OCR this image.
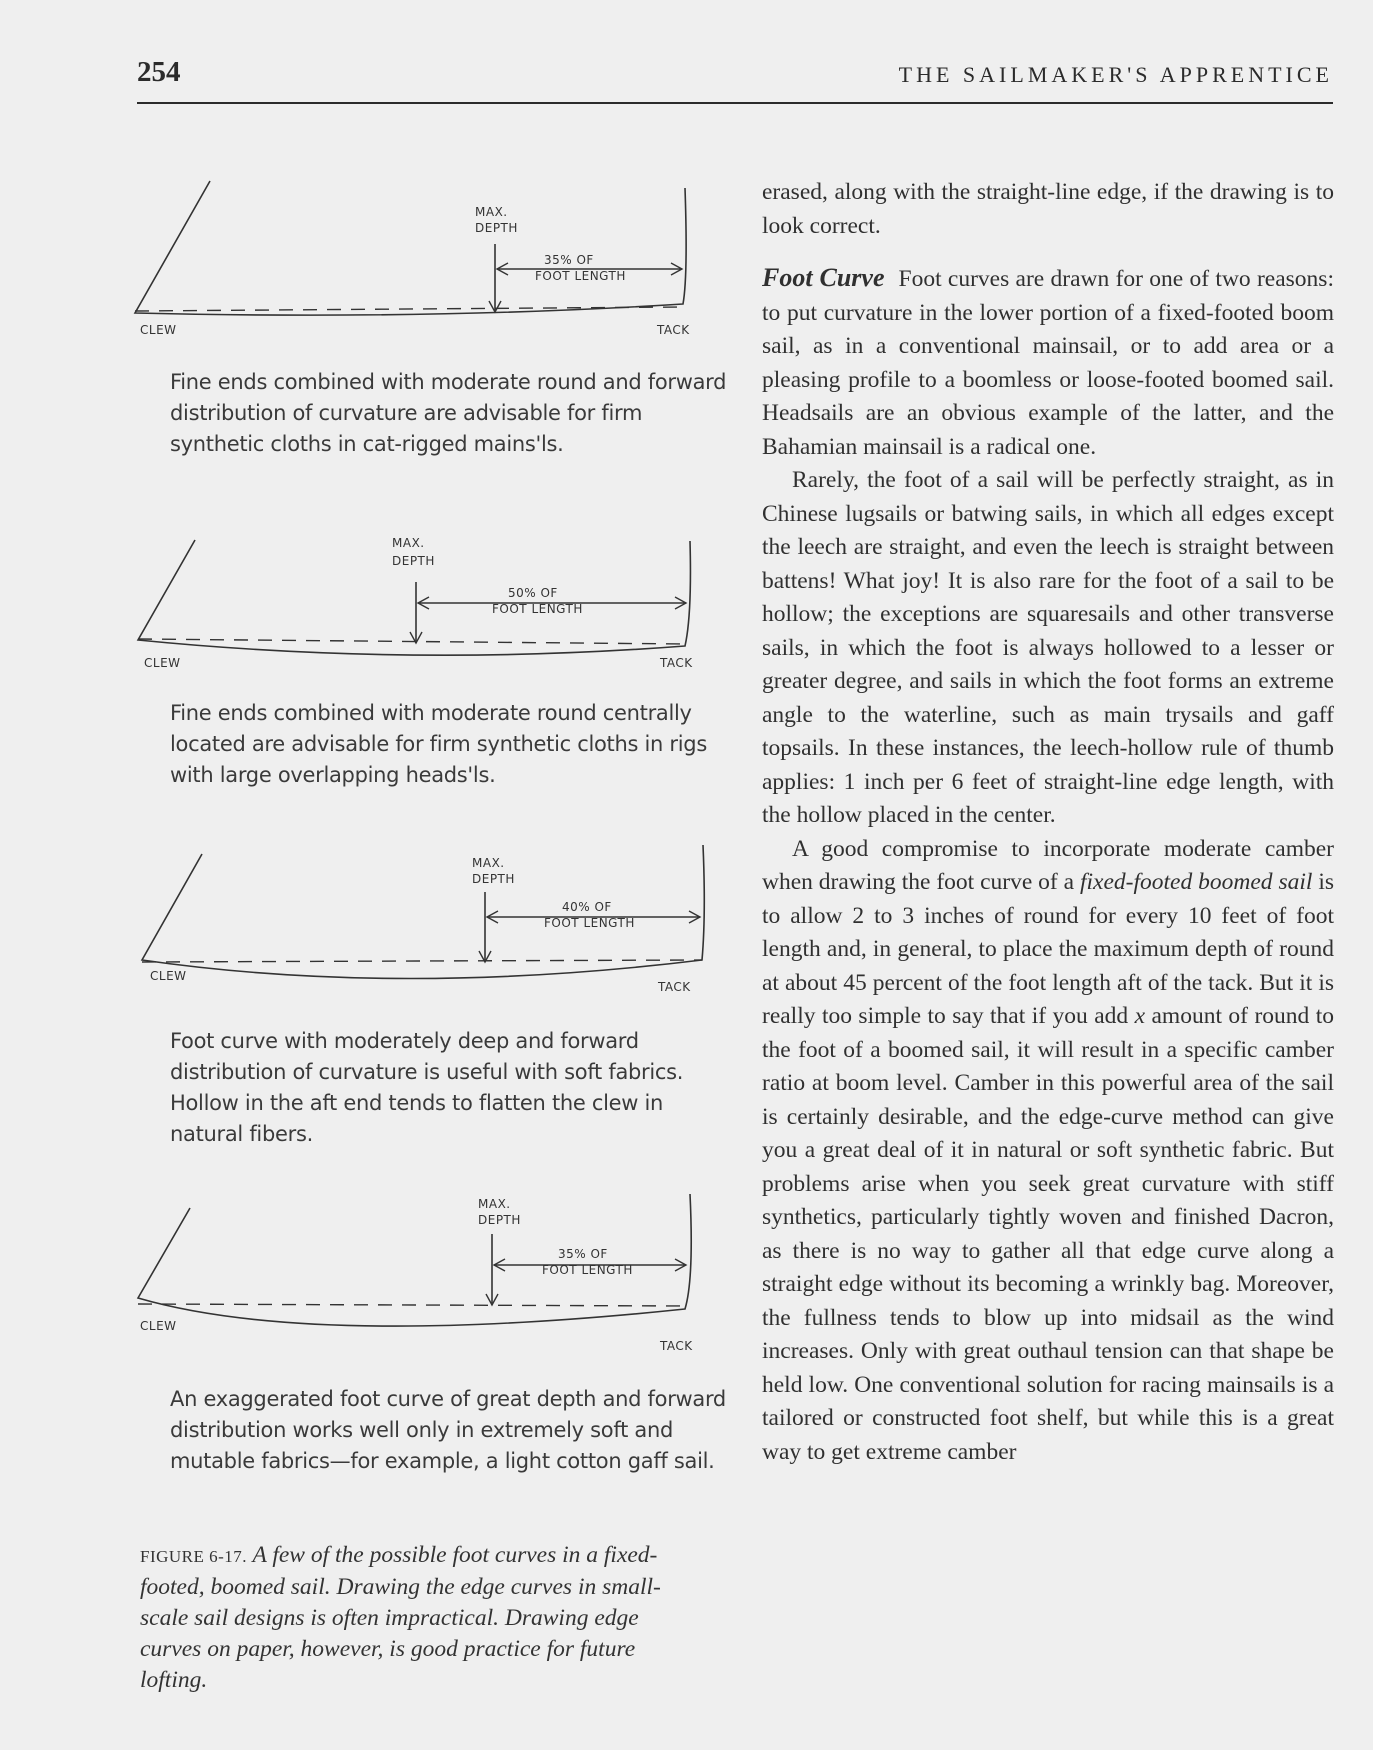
254	THE SAILMAKER'S APPRENTICE
MAX.
DEPTH
35% OF
FOOT LENGTH
CLEW	TACK
Fine ends combined with moderate round and forward distribution of curvature are advisable for firm synthetic cloths in cat-rigged mains'ls.
MAX.
DEPTH
50% OF
FOOT LENGTH
CLEW	TACK
Fine ends combined with moderate round centrally located are advisable for firm synthetic cloths in rigs with large overlapping heads'ls.
MAX.
DEPTH
40% OF
FOOT LENGTH
CLEW
TACK
Foot curve with moderately deep and forward distribution of curvature is useful with soft fabrics. Hollow in the aft end tends to flatten the clew in natural fibers.
MAX.
DEPTH
35% OF
FOOT LENGTH
CLEW
TACK
An exaggerated foot curve of great depth and forward distribution works well only in extremely soft and mutable fabrics—for example, a light cotton gaff sail.
FIGURE 6-17. A few of the possible foot curves in a fixed-footed, boomed sail. Drawing the edge curves in small-scale sail designs is often impractical. Drawing edge curves on paper, however, is good practice for future lofting.

erased, along with the straight-line edge, if the drawing is to look correct.

Foot Curve Foot curves are drawn for one of two reasons: to put curvature in the lower portion of a fixed-footed boom sail, as in a conventional mainsail, or to add area or a pleasing profile to a boomless or loose-footed boomed sail. Headsails are an obvious example of the latter, and the Bahamian mainsail is a radical one.

Rarely, the foot of a sail will be perfectly straight, as in Chinese lugsails or batwing sails, in which all edges except the leech are straight, and even the leech is straight between battens! What joy! It is also rare for the foot of a sail to be hollow; the exceptions are squaresails and other transverse sails, in which the foot is always hollowed to a lesser or greater degree, and sails in which the foot forms an extreme angle to the waterline, such as main trysails and gaff topsails. In these instances, the leech-hollow rule of thumb applies: 1 inch per 6 feet of straight-line edge length, with the hollow placed in the center.

A good compromise to incorporate moderate camber when drawing the foot curve of a fixed-footed boomed sail is to allow 2 to 3 inches of round for every 10 feet of foot length and, in general, to place the maximum depth of round at about 45 percent of the foot length aft of the tack. But it is really too simple to say that if you add x amount of round to the foot of a boomed sail, it will result in a specific camber ratio at boom level. Camber in this powerful area of the sail is certainly desirable, and the edge-curve method can give you a great deal of it in natural or soft synthetic fabric. But problems arise when you seek great curvature with stiff synthetics, particularly tightly woven and finished Dacron, as there is no way to gather all that edge curve along a straight edge without its becoming a wrinkly bag. Moreover, the fullness tends to blow up into midsail as the wind increases. Only with great outhaul tension can that shape be held low. One conventional solution for racing mainsails is a tailored or constructed foot shelf, but while this is a great way to get extreme camber
